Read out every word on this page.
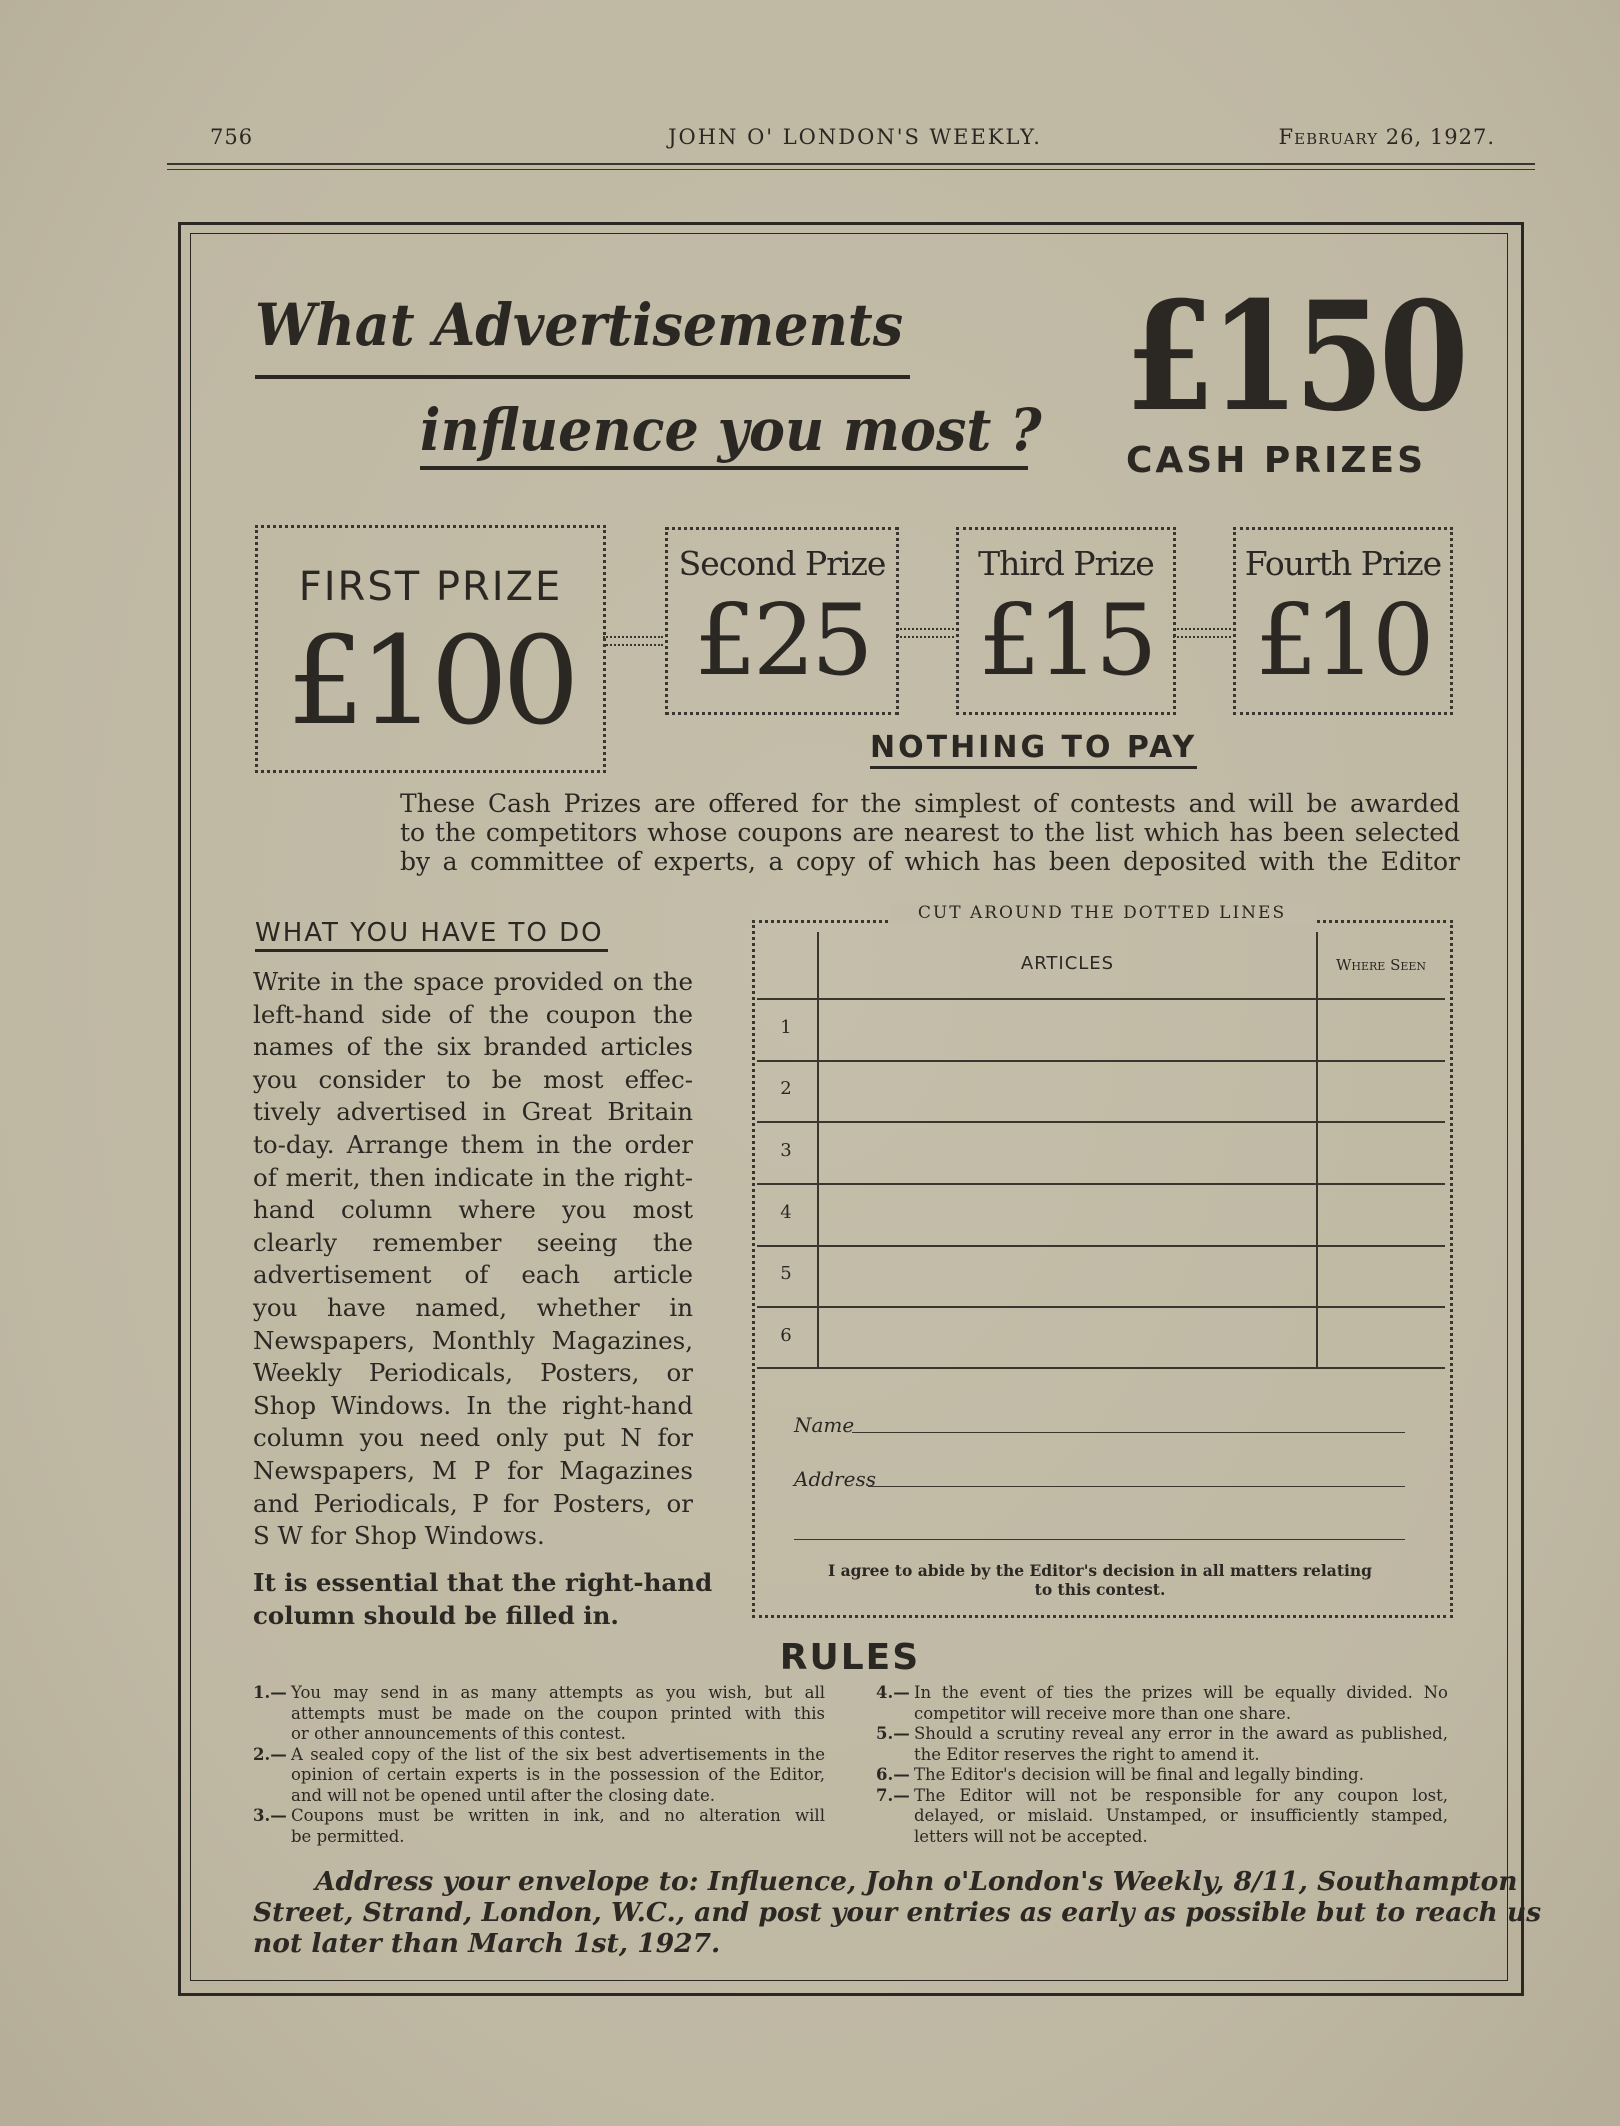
756	JOHN O' LONDON'S WEEKLY.	February 26, 1927.
What Advertisements
influence you most ? £150
CASH PRIZES
FIRST PRIZE
£100
Second Prize
£25
Third Prize
£15
Fourth Prize
£10
NOTHING TO PAY
These Cash Prizes are offered for the simplest of contests and will be awarded
to the competitors whose coupons are nearest to the list which has been selected
by a committee of experts, a copy of which has been deposited with the Editor
WHAT YOU HAVE TO DO
Write in the space provided on the
left-hand side of the coupon the
names of the six branded articles
you consider to be most effec-
tively advertised in Great Britain
to-day. Arrange them in the order
of merit, then indicate in the right-
hand column where you most
clearly remember seeing the
advertisement of each article
you have named, whether in
Newspapers, Monthly Magazines,
Weekly Periodicals, Posters, or
Shop Windows. In the right-hand
column you need only put N for
Newspapers, M P for Magazines
and Periodicals, P for Posters, or
S W for Shop Windows.
It is essential that the right-hand
column should be filled in.
CUT AROUND THE DOTTED LINES
ARTICLES	Where Seen
1
2
3
4
5
6
Name
Address
I agree to abide by the Editor's decision in all matters relating
to this contest.
RULES
1.— You may send in as many attempts as you wish, but all
attempts must be made on the coupon printed with this
or other announcements of this contest.
2.— A sealed copy of the list of the six best advertisements in the
opinion of certain experts is in the possession of the Editor,
and will not be opened until after the closing date.
3.— Coupons must be written in ink, and no alteration will
be permitted.
4.— In the event of ties the prizes will be equally divided. No
competitor will receive more than one share.
5.— Should a scrutiny reveal any error in the award as published,
the Editor reserves the right to amend it.
6.— The Editor's decision will be final and legally binding.
7.— The Editor will not be responsible for any coupon lost,
delayed, or mislaid. Unstamped, or insufficiently stamped,
letters will not be accepted.
Address your envelope to: Influence, John o'London's Weekly, 8/11, Southampton
Street, Strand, London, W.C., and post your entries as early as possible but to reach us
not later than March 1st, 1927.
